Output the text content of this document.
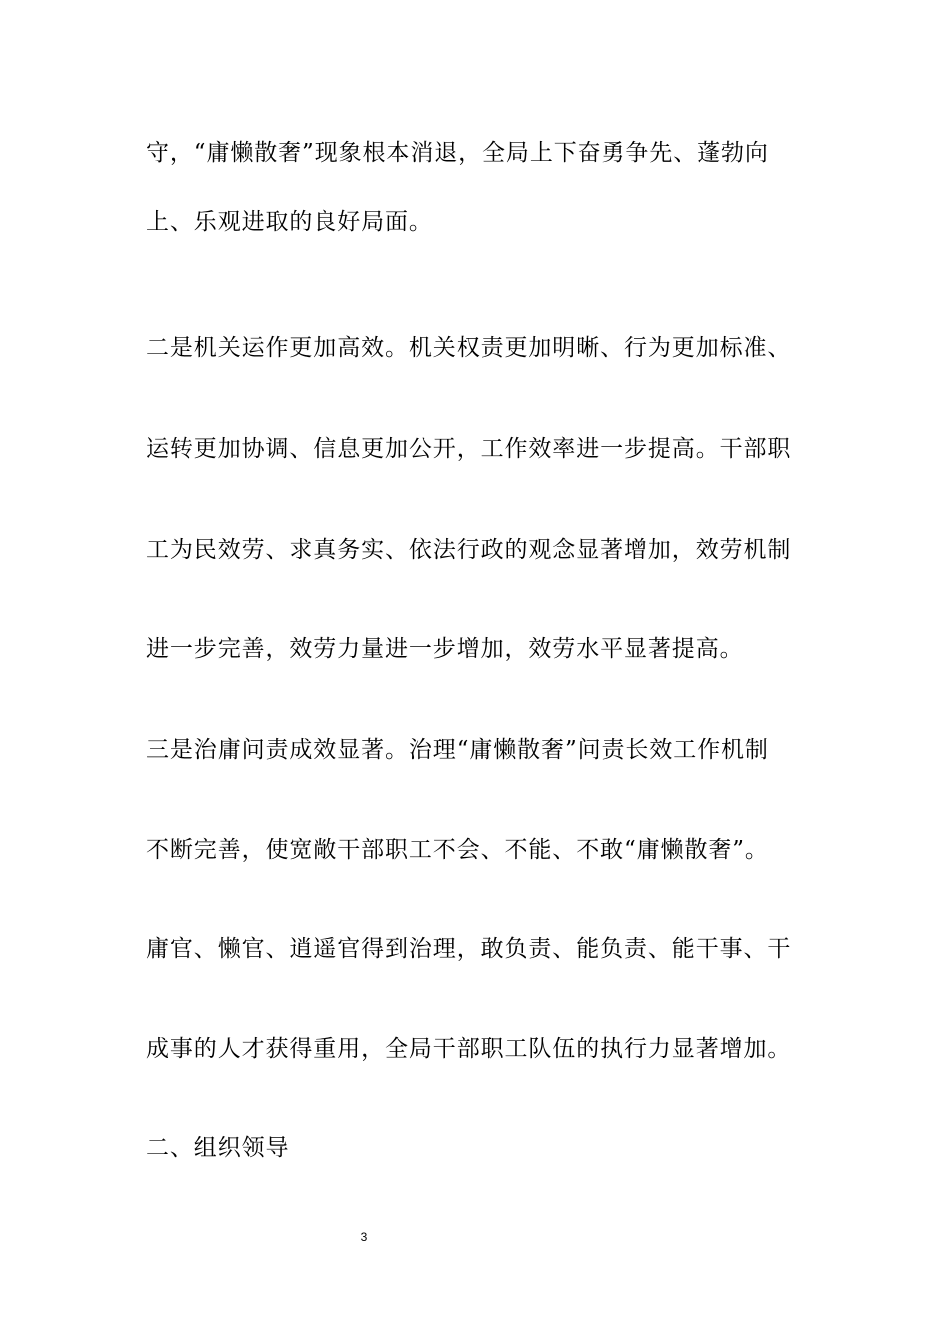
守，“庸懒散奢”现象根本消退，全局上下奋勇争先、蓬勃向
上、乐观进取的良好局面。
二是机关运作更加高效。机关权责更加明晰、行为更加标准、
运转更加协调、信息更加公开，工作效率进一步提高。干部职
工为民效劳、求真务实、依法行政的观念显著增加，效劳机制
进一步完善，效劳力量进一步增加，效劳水平显著提高。
三是治庸问责成效显著。治理“庸懒散奢”问责长效工作机制
不断完善，使宽敞干部职工不会、不能、不敢“庸懒散奢”。
庸官、懒官、逍遥官得到治理，敢负责、能负责、能干事、干
成事的人才获得重用，全局干部职工队伍的执行力显著增加。
二、组织领导
3
